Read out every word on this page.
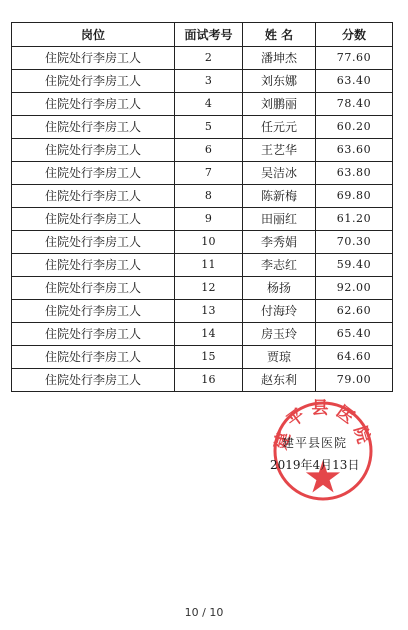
岗位	面试考号	姓 名	分数
住院处行李房工人	2	潘坤杰	77.60
住院处行李房工人	3	刘东娜	63.40
住院处行李房工人	4	刘鹏丽	78.40
住院处行李房工人	5	任元元	60.20
住院处行李房工人	6	王艺华	63.60
住院处行李房工人	7	吴洁冰	63.80
住院处行李房工人	8	陈新梅	69.80
住院处行李房工人	9	田丽红	61.20
住院处行李房工人	10	李秀娟	70.30
住院处行李房工人	11	李志红	59.40
住院处行李房工人	12	杨扬	92.00
住院处行李房工人	13	付海玲	62.60
住院处行李房工人	14	房玉玲	65.40
住院处行李房工人	15	贾琼	64.60
住院处行李房工人	16	赵东利	79.00
建平县医院
建平县医院
2019年4月13日
10 / 10
